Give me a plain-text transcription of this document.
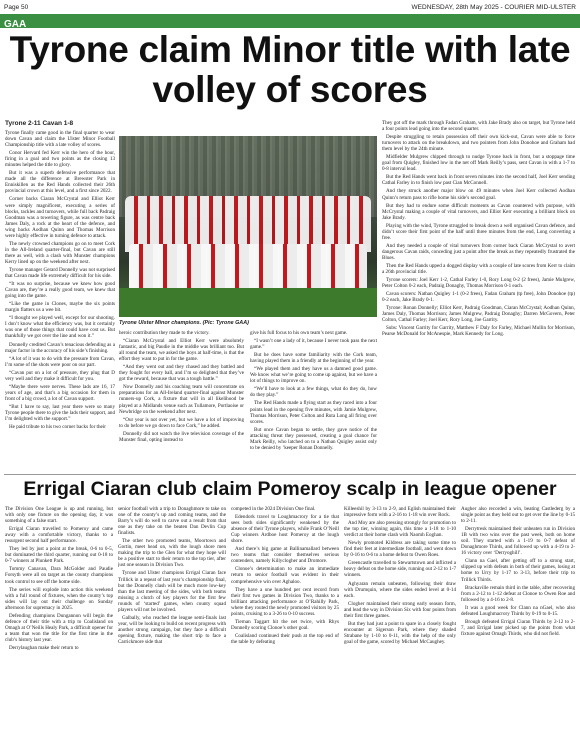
Page 50	WEDNESDAY, 28th May 2025 - COURIER MID-ULSTER
GAA
Tyrone claim Minor title with late volley of scores

Tyrone 2-11 Cavan 1-8

Tyrone finally came good in the final quarter to wear down Cavan and claim the Ulster Minor Football Championship title with a late volley of scores.

Conor Hervard fed Kerr win the hero of the hour, firing in a goal and two points as the closing 13 minutes helped the title to glory.

But it was a superb defensive performance that made all the difference at Brewster Park in Enniskillen as the Red Hands collected their 26th provincial crown at this level, and a first since 2022.

Corner backs Ciaran McCrystal and Elliot Kerr were simply magnificent, executing a series of blocks, tackles and turnovers, while full back Padraig Goodman was a towering figure, as was centre back James Daly, a rock at the heart of the defence, and wing backs Aodhan Quinn and Thomas Morrison were highly effective in turning defence to attack.

The newly crowned champions go on to meet Cork in the All-Ireland quarter-final, but Cavan are still there as well, with a clash with Munster champions Kerry lined up on the weekend after next.

Tyrone manager Gerard Donnelly was not surprised that Cavan made life extremely difficult for his side.

“It was no surprise, because we knew how good Cavan are, they’re a really good team, we knew that going into the game.

“Like the game in Clones, maybe the six points margin flatters us a wee bit.

“I thought we played well, except for our shooting. I don’t know what the efficiency was, but it certainly was one of those things that could have cost us. But thankfully we got over the line and won it.”

Donnelly credited Cavan’s tenacious defending as a major factor in the accuracy of his side’s finishing.

“A lot of it was to do with the pressure from Cavan, I’m some of the shots were poor on our part.

“Cavan put on a lot of pressure, they plug that D very well and they make it difficult for you.

“Maybe there were nerves. These lads are 16, 17 years of age, and that’s a big occasion for them in front of a big crowd, a lot of Cavan support.

“But I have to say, last year there were so many Tyrone people there to give the lads their support, and I’m delighted with the support.”

He paid tribute to his two corner backs for their

Tyrone Ulster Minor champions. (Pic: Tyrone GAA)

heroic contribution they made to the victory.

“Ciaran McCrystal and Elliot Kerr were absolutely fantastic, and big Paudie in the middle was brilliant too. But all round the team, we asked the boys at half-time, is that the effort they want to put in for the game.

“And they went out and they chased and they battled and they fought for every ball, and I’m so delighted that they’ve got the reward, because that was a tough battle.”

Now Donnelly and his coaching team will concentrate on preparations for an All-Ireland quarter-final against Munster runners-up Cork, a fixture that will in all likelihood be played at a Midlands venue such as Tullamore, Portlaoise or Newbridge on the weekend after next.

“Our year is not over yet, but we have a lot of improving to do before we go down to face Cork,” he added.

Donnelly did not watch the live television coverage of the Munster final, opting instead to

give his full focus to his own team’s next game.

“I wasn’t one a lady of it, because I never took pass the next game.”

But he does have some familiarity with the Cork team, having played them in a friendly at the beginning of the year.

“We played them and they have us a damned good game. We know what we’re going to come up against, but we have a lot of things to improve on.

“We’ll have to look at a few things, what do they do, how do they play.”

The Red Hands made a flying start as they raced into a four points lead in the opening five minutes, with Jamie Mulgrew, Thomas Morrison, Peter Colton and Ruta Long all firing over scores.

But once Cavan began to settle, they gave notice of the attacking threat they possessed, creating a goal chance for Mark Reilly, who latched on to a Nathan Quigley assist only to be denied by ’keeper Ronan Donnelly.

They got off the mark through Fadan Graham, with Jake Brady also on target, but Tyrone held a four points lead going into the second quarter.

Despite struggling to retain possession off their own kick-out, Cavan were able to force turnovers to attack on the breakdown, and two pointers from John Donohoe and Graham had them level by the 24th minute.

Midfielder Mulgrew chipped through to nudge Tyrone back in front, but a stoppage time goal from Quigley, finished low in the net off Mark Reilly’s pass, sent Cavan in with a 1-7 to 0-8 interval lead.

But the Red Hands went back in front seven minutes into the second half, Joel Kerr sending Cathal Farley in to finish low past Cian McConnell.

And they struck another major blow on 49 minutes when Joel Kerr collected Aodhan Quinn’s return pass to rifle home his side’s second goal.

But they had to endure some difficult moments as Cavan countered with purpose, with McCrystal making a couple of vital turnovers, and Elliot Kerr executing a brilliant block on Jake Brady.

Playing with the wind, Tyrone struggled to break down a well organised Cavan defence, and didn’t score their first point of the half until three minutes from the end, Long converting a free.

And they needed a couple of vital turnovers from corner back Ciaran McCrystal to avert dangerous Cavan raids, conceding just a point after the break as they repeatedly frustrated the Blues.

Then the Red Hands upped a dogged display with a couple of late scores from Kerr to claim a 26th provincial title.

Tyrone scorers: Joel Kerr 1-2, Cathal Farley 1-0, Rory Long 0-2 (2 frees), Jamie Mulgrew, Peter Colton 0-2 each, Padraig Donaghy, Thomas Morrison 0-1 each.

Cavan scorers: Nathan Quigley 1-1 (0-2 frees), Fadan Graham (tp free), John Donohoe (tp) 0-2 each, Jake Brady 0-1.

Tyrone: Ronan Donnelly; Elliot Kerr, Padraig Goodman, Ciaran McCrystal; Aodhan Quinn, James Daly, Thomas Morrison; James Mulgrew, Padraig Donaghy; Darren McGovern, Peter Colton, Cathal Farley; Joel Kerr, Rory Long, Joe Garrity.

Subs: Vincent Garrity for Garrity, Matthew F Daly for Farley, Michael Mullin for Morrison, Pearse McDonald for McAnespie, Mark Kennedy for Long.

Errigal Ciaran club claim Pomeroy scalp in league opener

The Division One League is up and running, but with only one fixture on the opening day, it was something of a false start.

Errigal Ciaran travelled to Pomeroy and came away with a comfortable victory, thanks to a resurgent second half performance.

They led by just a point at the break, 0-6 to 0-5, but dominated the third quarter, running out 0-18 to 0-7 winners at Plunkett Park.

Tommy Canavan, Dara McGolder and Paudie Forsyth were all on target as the county champions took control to see off the home side.

The series will explode into action this weekend with a full round of fixtures, when the county’s top sides will lay out their challenge on Sunday afternoon for supremacy in 2025.

Defending champions Dungannon will begin the defence of their title with a trip to Coalisland on Omagh at O’Neills Healy Park, a difficult opener for a team that won the title for the first time in the club’s history last year.

Derrylaughan make their return to

senior football with a trip to Donaghmore to take on one of the county’s up and coming teams, and the Barry’s will do well to carve out a result from that one as they take on the beaten Dan Devlin Cup finalists.

The other two promoted teams, Moortown and Gortin, meet head on, with the lough shore men making the trip to the Glen for what they hope will be a positive start to their return to the top tier, after just one season in Division Two.

Tyrone and Ulster champions Errigal Ciaran face Trillick in a repeat of last year’s championship final, but the Donnelly clash will be much more low-key than the last meeting of the sides, with both teams missing a clutch of key players for the first few rounds of ‘started’ games, when county squad players will not be involved.

Galbally, who reached the league semi-finals last year, will be looking to build on recent progress with another strong campaign, but they face a difficult opening fixture, making the short trip to face a Carrickmore side that

competed in the 2024 Division One final.

Edendork travel to Loughmacrory for a tie that sees both sides significantly weakened by the absence of their Tyrone players, while Frank O’Neill Cup winners Ardboe host Pomeroy at the lough shore.

And there’s big game at Ballinamallard between two teams that consider themselves serious contenders, namely Killyclogher and Dromore.

Clonoe’s determination to make an immediate return to senior football was evident in their comprehensive win over Aghaloo.

They have a one hundred per cent record from their first two games in Division Two, thanks to a brilliant attacking performance at O’Rahilly Park, where they routed the newly promoted visitors by 25 points, cruising to a 3-26 to 0-10 success.

Tiernan Taggart hit the net twice, with Rhys Donnelly scoring Clonoe’s other goal.

Coalisland continued their push at the top end of the table by defeating

Killeeshil by 3-13 to 2-9, and Eglish maintained their impressive form with a 2-16 to 1-18 win over Rock.

And Moy are also pressing strongly for promotion to the top tier, winning again, this time a 1-18 to 1-10 verdict at their home clash with Naomh Eoghan.

Newly promoted Kildress are taking some time to find their feet at intermediate football, and went down by 0-16 to 0-6 to a home defeat to Owen Roes.

Greencastle travelled to Stewartstown and inflicted a heavy defeat on the home side, running out 2-12 to 1-7 winners.

Aghyaran remain unbeaten, following their draw with Drumquin, where the sides ended level at 0-14 each.

Clogher maintained their strong early season form, and lead the way in Division Six with four points from their first three games.

But they had just a point to spare in a closely fought encounter at Sigerson Park, where they shaded Strabane by 1-10 to 0-11, with the help of the only goal of the game, scored by Michael McCaughey.

Augher also recorded a win, beating Castlederg by a single point as they held out to get over the line by 0-15 to 2-11.

Derrytresk maintained their unbeaten run in Division 1B with two wins over the past week, both on home soil. They started with a 1-19 to 0-7 defeat of Donaghmore Thirds, and followed up with a 4-19 to 2-16 victory over ‘Derryoghill’.

Clann na Gael, after getting off to a strong start, slipped up with defeats in both of their games, losing at home to Urry by 1-17 to 3-13, before their trip to Trillick Thirds.

Brackaville remain third in the table, after recovering from a 2-12 to 1-12 defeat at Clonoe to Owen Roe and followed by a 4-16 to 2-8.

It was a good week for Clann na nGael, who also defeated Loughmacrory Thirds by 0-19 to 0-15.

Brough defeated Errigal Ciaran Thirds by 2-12 to 2-7, and Errigal later picked up the points from what fixture against Omagh Thirds, who did not field.
